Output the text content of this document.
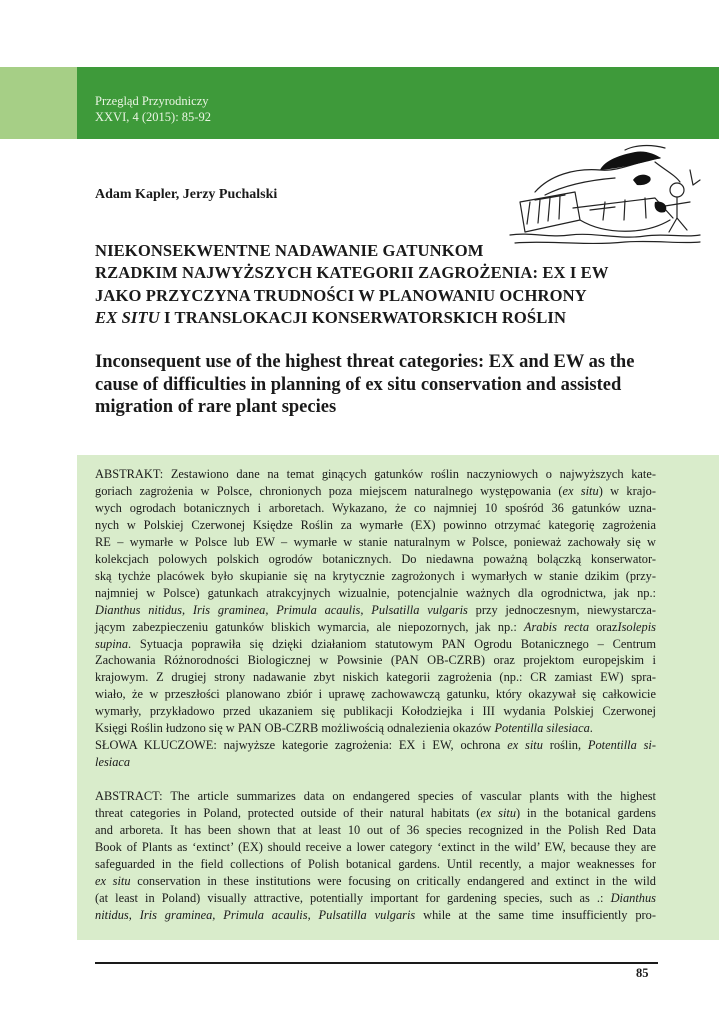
Przegląd Przyrodniczy
XXVI, 4 (2015): 85-92
Adam Kapler, Jerzy Puchalski
NIEKONSEKWENTNE NADAWANIE GATUNKOM
RZADKIM NAJWYŻSZYCH KATEGORII ZAGROŻENIA: EX I EW
JAKO PRZYCZYNA TRUDNOŚCI W PLANOWANIU OCHRONY
EX SITU I TRANSLOKACJI KONSERWATORSKICH ROŚLIN
Inconsequent use of the highest threat categories: EX and EW as the
cause of difficulties in planning of ex situ conservation and assisted
migration of rare plant species
ABSTRAKT: Zestawiono dane na temat ginących gatunków roślin naczyniowych o najwyższych kate-
goriach zagrożenia w Polsce, chronionych poza miejscem naturalnego występowania (ex situ) w krajo-
wych ogrodach botanicznych i arboretach. Wykazano, że co najmniej 10 spośród 36 gatunków uzna-
nych w Polskiej Czerwonej Księdze Roślin za wymarłe (EX) powinno otrzymać kategorię zagrożenia
RE – wymarłe w Polsce lub EW – wymarłe w stanie naturalnym w Polsce, ponieważ zachowały się w
kolekcjach polowych polskich ogrodów botanicznych. Do niedawna poważną bolączką konserwator-
ską tychże placówek było skupianie się na krytycznie zagrożonych i wymarłych w stanie dzikim (przy-
najmniej w Polsce) gatunkach atrakcyjnych wizualnie, potencjalnie ważnych dla ogrodnictwa, jak np.:
Dianthus nitidus, Iris graminea, Primula acaulis, Pulsatilla vulgaris przy jednoczesnym, niewystarcza-
jącym zabezpieczeniu gatunków bliskich wymarcia, ale niepozornych, jak np.: Arabis recta orazIsolepis
supina. Sytuacja poprawiła się dzięki działaniom statutowym PAN Ogrodu Botanicznego – Centrum
Zachowania Różnorodności Biologicznej w Powsinie (PAN OB-CZRB) oraz projektom europejskim i
krajowym. Z drugiej strony nadawanie zbyt niskich kategorii zagrożenia (np.: CR zamiast EW) spra-
wiało, że w przeszłości planowano zbiór i uprawę zachowawczą gatunku, który okazywał się całkowicie
wymarły, przykładowo przed ukazaniem się publikacji Kołodziejka i III wydania Polskiej Czerwonej
Księgi Roślin łudzono się w PAN OB-CZRB możliwością odnalezienia okazów Potentilla silesiaca.
SŁOWA KLUCZOWE: najwyższe kategorie zagrożenia: EX i EW, ochrona ex situ roślin, Potentilla si-
lesiaca
ABSTRACT: The article summarizes data on endangered species of vascular plants with the highest
threat categories in Poland, protected outside of their natural habitats (ex situ) in the botanical gardens
and arboreta. It has been shown that at least 10 out of 36 species recognized in the Polish Red Data
Book of Plants as ‘extinct’ (EX) should receive a lower category ‘extinct in the wild’ EW, because they are
safeguarded in the field collections of Polish botanical gardens. Until recently, a major weaknesses for
ex situ conservation in these institutions were focusing on critically endangered and extinct in the wild
(at least in Poland) visually attractive, potentially important for gardening species, such as .: Dianthus
nitidus, Iris graminea, Primula acaulis, Pulsatilla vulgaris while at the same time insufficiently pro-
85
